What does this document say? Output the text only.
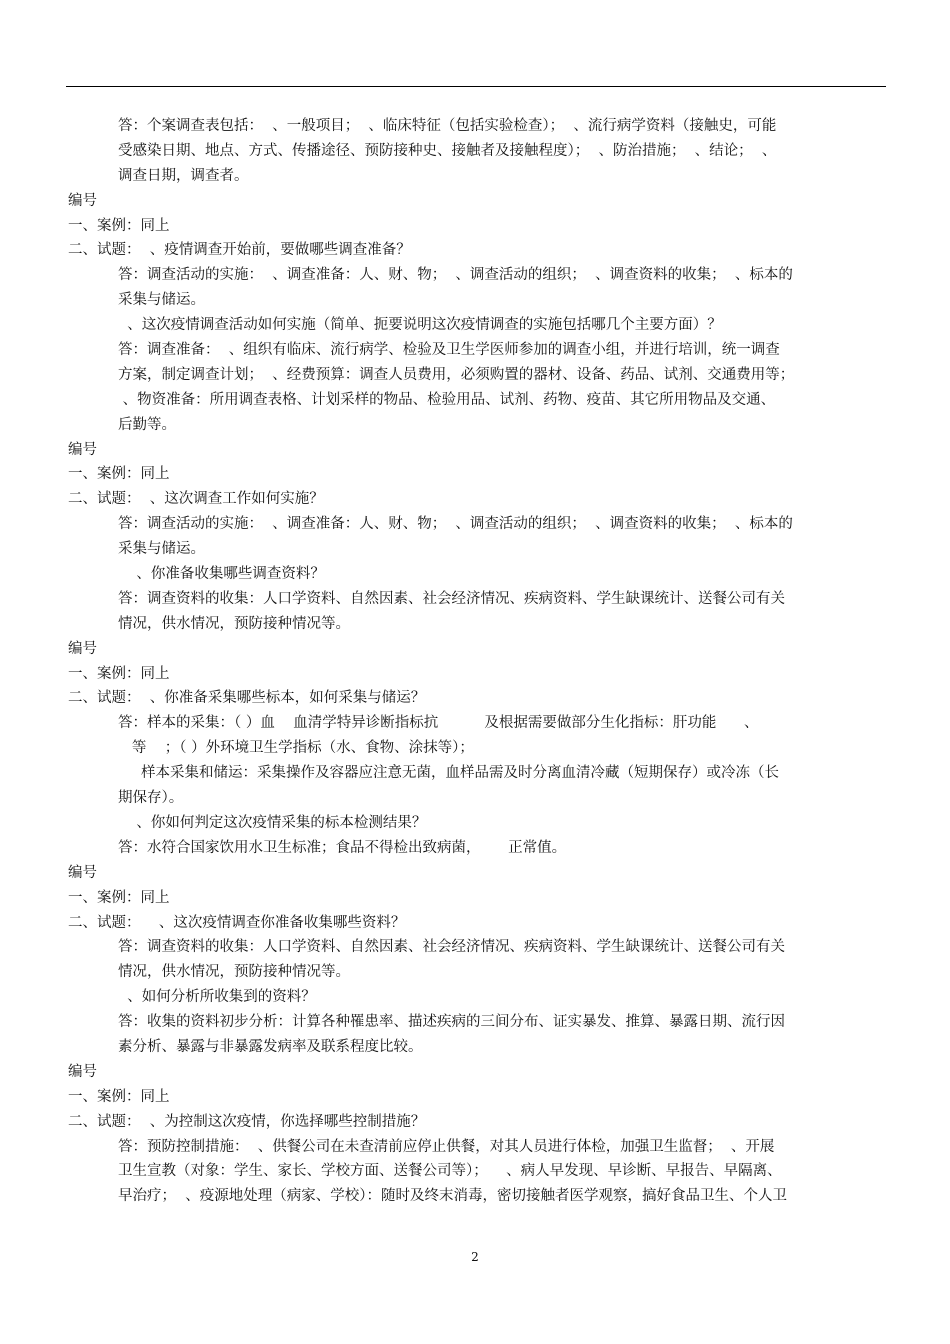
答：个案调查表包括：  、一般项目；  、临床特征（包括实验检查）；  、流行病学资料（接触史，可能
受感染日期、地点、方式、传播途径、预防接种史、接触者及接触程度）；  、防治措施；  、结论；  、
调查日期，调查者。
编号
一、案例：同上
二、试题：  、疫情调查开始前，要做哪些调查准备？
答：调查活动的实施：  、调查准备：人、财、物；  、调查活动的组织；  、调查资料的收集；  、标本的
采集与储运。
、这次疫情调查活动如何实施（简单、扼要说明这次疫情调查的实施包括哪几个主要方面）？
答：调查准备：  、组织有临床、流行病学、检验及卫生学医师参加的调查小组，并进行培训，统一调查
方案，制定调查计划；  、经费预算：调查人员费用，必须购置的器材、设备、药品、试剂、交通费用等；
、物资准备：所用调查表格、计划采样的物品、检验用品、试剂、药物、疫苗、其它所用物品及交通、
后勤等。
编号
一、案例：同上
二、试题：  、这次调查工作如何实施？
答：调查活动的实施：  、调查准备：人、财、物；  、调查活动的组织；  、调查资料的收集；  、标本的
采集与储运。
、你准备收集哪些调查资料？
答：调查资料的收集：人口学资料、自然因素、社会经济情况、疾病资料、学生缺课统计、送餐公司有关
情况，供水情况，预防接种情况等。
编号
一、案例：同上
二、试题：  、你准备采集哪些标本，如何采集与储运？
答：样本的采集：（ ）血    血清学特异诊断指标抗          及根据需要做部分生化指标：肝功能      、
等    ；（ ）外环境卫生学指标（水、食物、涂抹等）；
样本采集和储运：采集操作及容器应注意无菌，血样品需及时分离血清冷藏（短期保存）或冷冻（长
期保存）。
、你如何判定这次疫情采集的标本检测结果？
答：水符合国家饮用水卫生标准；食品不得检出致病菌，      正常值。
编号
一、案例：同上
二、试题：    、这次疫情调查你准备收集哪些资料？
答：调查资料的收集：人口学资料、自然因素、社会经济情况、疾病资料、学生缺课统计、送餐公司有关
情况，供水情况，预防接种情况等。
、如何分析所收集到的资料？
答：收集的资料初步分析：计算各种罹患率、描述疾病的三间分布、证实暴发、推算、暴露日期、流行因
素分析、暴露与非暴露发病率及联系程度比较。
编号
一、案例：同上
二、试题：  、为控制这次疫情，你选择哪些控制措施？
答：预防控制措施：  、供餐公司在未查清前应停止供餐，对其人员进行体检，加强卫生监督；  、开展
卫生宣教（对象：学生、家长、学校方面、送餐公司等）；    、病人早发现、早诊断、早报告、早隔离、
早治疗；  、疫源地处理（病家、学校）：随时及终末消毒，密切接触者医学观察，搞好食品卫生、个人卫
2
